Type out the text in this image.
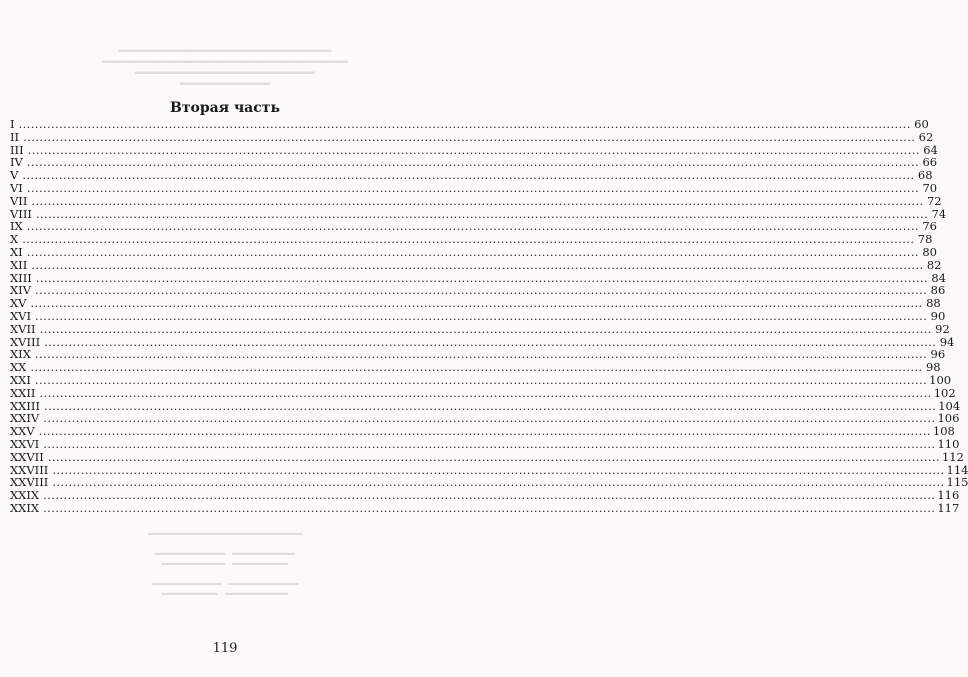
▬▬▬▬▬▬▬▬▬▬▬▬▬▬▬▬▬▬▬▬▬▬▬▬▬▬
▬▬▬▬▬▬▬▬▬▬▬▬▬▬▬▬▬▬▬▬▬▬▬▬▬▬▬▬▬▬
▬▬▬▬▬▬▬▬▬▬▬▬▬▬▬▬▬▬▬▬▬▬
▬▬▬▬▬▬▬▬▬▬▬
▬▬▬▬▬▬▬▬▬▬▬▬▬▬▬▬▬▬▬▬▬▬

▬▬▬▬▬▬▬▬▬▬    ▬▬▬▬▬▬▬▬▬
▬▬▬▬▬▬▬▬▬    ▬▬▬▬▬▬▬▬

▬▬▬▬▬▬▬▬▬▬    ▬▬▬▬▬▬▬▬▬▬
▬▬▬▬▬▬▬▬    ▬▬▬▬▬▬▬▬▬
Вторая часть
I ............................................................................................................................................................................................................................ 60
II ............................................................................................................................................................................................................................ 62
III ............................................................................................................................................................................................................................ 64
IV ............................................................................................................................................................................................................................ 66
V ............................................................................................................................................................................................................................ 68
VI ............................................................................................................................................................................................................................ 70
VII ............................................................................................................................................................................................................................ 72
VIII ............................................................................................................................................................................................................................ 74
IX ............................................................................................................................................................................................................................ 76
X ............................................................................................................................................................................................................................ 78
XI ............................................................................................................................................................................................................................ 80
XII ............................................................................................................................................................................................................................ 82
XIII ............................................................................................................................................................................................................................ 84
XIV ............................................................................................................................................................................................................................ 86
XV ............................................................................................................................................................................................................................ 88
XVI ............................................................................................................................................................................................................................ 90
XVII ............................................................................................................................................................................................................................ 92
XVIII ............................................................................................................................................................................................................................ 94
XIX ............................................................................................................................................................................................................................ 96
XX ............................................................................................................................................................................................................................ 98
XXI ............................................................................................................................................................................................................................ 100
XXII ............................................................................................................................................................................................................................ 102
XXIII ............................................................................................................................................................................................................................ 104
XXIV ............................................................................................................................................................................................................................ 106
XXV ............................................................................................................................................................................................................................ 108
XXVI ............................................................................................................................................................................................................................ 110
XXVII ............................................................................................................................................................................................................................ 112
XXVIII ............................................................................................................................................................................................................................ 114
XXVIII ............................................................................................................................................................................................................................ 115
XXIX ............................................................................................................................................................................................................................ 116
XXIX ............................................................................................................................................................................................................................ 117
119
